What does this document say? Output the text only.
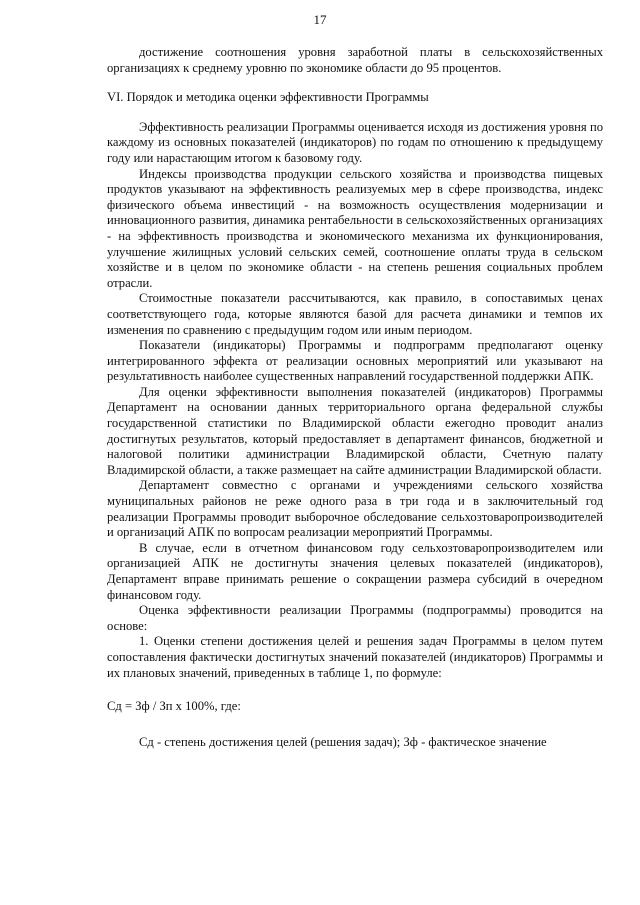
17

достижение соотношения уровня заработной платы в сельскохозяйственных организациях к среднему уровню по экономике области до 95 процентов.

VI. Порядок и методика оценки эффективности Программы

Эффективность реализации Программы оценивается исходя из достижения уровня по каждому из основных показателей (индикаторов) по годам по отношению к предыдущему году или нарастающим итогом к базовому году.

Индексы производства продукции сельского хозяйства и производства пищевых продуктов указывают на эффективность реализуемых мер в сфере производства, индекс физического объема инвестиций - на возможность осуществления модернизации и инновационного развития, динамика рентабельности в сельскохозяйственных организациях - на эффективность производства и экономического механизма их функционирования, улучшение жилищных условий сельских семей, соотношение оплаты труда в сельском хозяйстве и в целом по экономике области - на степень решения социальных проблем отрасли.

Стоимостные показатели рассчитываются, как правило, в сопоставимых ценах соответствующего года, которые являются базой для расчета динамики и темпов их изменения по сравнению с предыдущим годом или иным периодом.

Показатели (индикаторы) Программы и подпрограмм предполагают оценку интегрированного эффекта от реализации основных мероприятий или указывают на результативность наиболее существенных направлений государственной поддержки АПК.

Для оценки эффективности выполнения показателей (индикаторов) Программы Департамент на основании данных территориального органа федеральной службы государственной статистики по Владимирской области ежегодно проводит анализ достигнутых результатов, который предоставляет в департамент финансов, бюджетной и налоговой политики администрации Владимирской области, Счетную палату Владимирской области, а также размещает на сайте администрации Владимирской области.

Департамент совместно с органами и учреждениями сельского хозяйства муниципальных районов не реже одного раза в три года и в заключительный год реализации Программы проводит выборочное обследование сельхозтоваропроизводителей и организаций АПК по вопросам реализации мероприятий Программы.

В случае, если в отчетном финансовом году сельхозтоваропроизводителем или организацией АПК не достигнуты значения целевых показателей (индикаторов), Департамент вправе принимать решение о сокращении размера субсидий в очередном финансовом году.

Оценка эффективности реализации Программы (подпрограммы) проводится на основе:

1. Оценки степени достижения целей и решения задач Программы в целом путем сопоставления фактически достигнутых значений показателей (индикаторов) Программы и их плановых значений, приведенных в таблице 1, по формуле:

Сд = Зф / Зп х 100%, где:

Сд - степень достижения целей (решения задач); Зф - фактическое значение
